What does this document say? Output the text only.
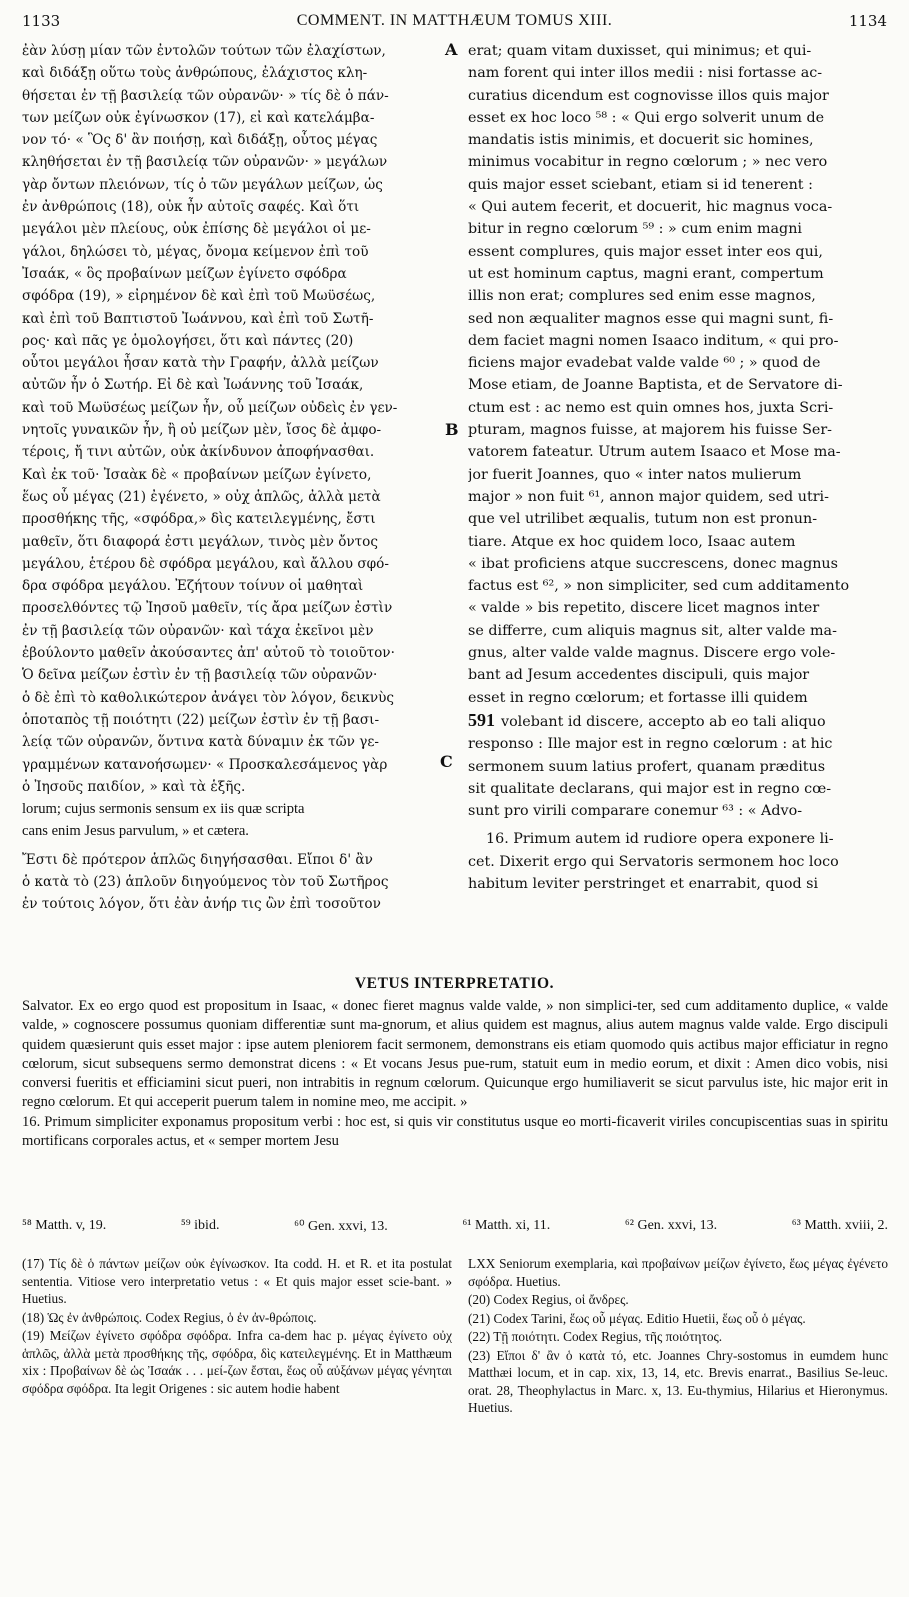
1133	COMMENT. IN MATTHÆUM TOMUS XIII.	1134
ἐὰν λύσῃ μίαν τῶν ἐντολῶν τούτων τῶν ἐλαχίστων,
καὶ διδάξῃ οὕτω τοὺς ἀνθρώπους, ἐλάχιστος κλη-
θήσεται ἐν τῇ βασιλείᾳ τῶν οὐρανῶν· » τίς δὲ ὁ πάν-
των μείζων οὐκ ἐγίνωσκον (17), εἰ καὶ κατελάμβα-
νον τό· « Ὃς δ' ἂν ποιήσῃ, καὶ διδάξῃ, οὗτος μέγας
κληθήσεται ἐν τῇ βασιλείᾳ τῶν οὐρανῶν· » μεγάλων
γὰρ ὄντων πλειόνων, τίς ὁ τῶν μεγάλων μείζων, ὡς
ἐν ἀνθρώποις (18), οὐκ ἦν αὐτοῖς σαφές. Καὶ ὅτι
μεγάλοι μὲν πλείους, οὐκ ἐπίσης δὲ μεγάλοι οἱ με-
γάλοι, δηλώσει τὸ, μέγας, ὄνομα κείμενον ἐπὶ τοῦ
Ἰσαάκ, « ὃς προβαίνων μείζων ἐγίνετο σφόδρα
σφόδρα (19), » εἰρημένον δὲ καὶ ἐπὶ τοῦ Μωϋσέως,
καὶ ἐπὶ τοῦ Βαπτιστοῦ Ἰωάννου, καὶ ἐπὶ τοῦ Σωτῆ-
ρος· καὶ πᾶς γε ὁμολογήσει, ὅτι καὶ πάντες (20)
οὗτοι μεγάλοι ἦσαν κατὰ τὴν Γραφήν, ἀλλὰ μείζων
αὐτῶν ἦν ὁ Σωτήρ. Εἰ δὲ καὶ Ἰωάννης τοῦ Ἰσαάκ,
καὶ τοῦ Μωϋσέως μείζων ἦν, οὗ μείζων οὐδεὶς ἐν γεν-
νητοῖς γυναικῶν ἦν, ἢ οὐ μείζων μὲν, ἴσος δὲ ἀμφο-
τέροις, ἤ τινι αὐτῶν, οὐκ ἀκίνδυνον ἀποφήνασθαι.
Καὶ ἐκ τοῦ· Ἰσαὰκ δὲ « προβαίνων μείζων ἐγίνετο,
ἕως οὗ μέγας (21) ἐγένετο, » οὐχ ἁπλῶς, ἀλλὰ μετὰ
προσθήκης τῆς, «σφόδρα,» δὶς κατειλεγμένης, ἔστι
μαθεῖν, ὅτι διαφορά ἐστι μεγάλων, τινὸς μὲν ὄντος
μεγάλου, ἑτέρου δὲ σφόδρα μεγάλου, καὶ ἄλλου σφό-
δρα σφόδρα μεγάλου. Ἐζήτουν τοίνυν οἱ μαθηταὶ
προσελθόντες τῷ Ἰησοῦ μαθεῖν, τίς ἄρα μείζων ἐστὶν
ἐν τῇ βασιλείᾳ τῶν οὐρανῶν· καὶ τάχα ἐκεῖνοι μὲν
ἐβούλοντο μαθεῖν ἀκούσαντες ἀπ' αὐτοῦ τὸ τοιοῦτον·
Ὁ δεῖνα μείζων ἐστὶν ἐν τῇ βασιλείᾳ τῶν οὐρανῶν·
ὁ δὲ ἐπὶ τὸ καθολικώτερον ἀνάγει τὸν λόγον, δεικνὺς
ὁποταπὸς τῇ ποιότητι (22) μείζων ἐστὶν ἐν τῇ βασι-
λείᾳ τῶν οὐρανῶν, ὅντινα κατὰ δύναμιν ἐκ τῶν γε-
γραμμένων κατανοήσωμεν· « Προσκαλεσάμενος γὰρ
ὁ Ἰησοῦς παιδίον, » καὶ τὰ ἑξῆς.
lorum; cujus sermonis sensum ex iis quæ scripta
cans enim Jesus parvulum, » et cætera.
Ἔστι δὲ πρότερον ἁπλῶς διηγήσασθαι. Εἴποι δ' ἂν
ὁ κατὰ τὸ (23) ἁπλοῦν διηγούμενος τὸν τοῦ Σωτῆρος
ἐν τούτοις λόγον, ὅτι ἐὰν ἀνήρ τις ὢν ἐπὶ τοσοῦτον
A
B
C
erat; quam vitam duxisset, qui minimus; et qui-
nam forent qui inter illos medii : nisi fortasse ac-
curatius dicendum est cognovisse illos quis major
esset ex hoc loco ⁵⁸ : « Qui ergo solverit unum de
mandatis istis minimis, et docuerit sic homines,
minimus vocabitur in regno cœlorum ; » nec vero
quis major esset sciebant, etiam si id tenerent :
« Qui autem fecerit, et docuerit, hic magnus voca-
bitur in regno cœlorum ⁵⁹ : » cum enim magni
essent complures, quis major esset inter eos qui,
ut est hominum captus, magni erant, compertum
illis non erat; complures sed enim esse magnos,
sed non æqualiter magnos esse qui magni sunt, fi-
dem faciet magni nomen Isaaco inditum, « qui pro-
ficiens major evadebat valde valde ⁶⁰ ; » quod de
Mose etiam, de Joanne Baptista, et de Servatore di-
ctum est : ac nemo est quin omnes hos, juxta Scri-
pturam, magnos fuisse, at majorem his fuisse Ser-
vatorem fateatur. Utrum autem Isaaco et Mose ma-
jor fuerit Joannes, quo « inter natos mulierum
major » non fuit ⁶¹, annon major quidem, sed utri-
que vel utrilibet æqualis, tutum non est pronun-
tiare. Atque ex hoc quidem loco, Isaac autem
« ibat proficiens atque succrescens, donec magnus
factus est ⁶², » non simpliciter, sed cum additamento
« valde » bis repetito, discere licet magnos inter
se differre, cum aliquis magnus sit, alter valde ma-
gnus, alter valde valde magnus. Discere ergo vole-
bant ad Jesum accedentes discipuli, quis major
esset in regno cœlorum; et fortasse illi quidem
591 volebant id discere, accepto ab eo tali aliquo
responso : Ille major est in regno cœlorum : at hic
sermonem suum latius profert, quanam præditus
sit qualitate declarans, qui major est in regno cœ-
sunt pro virili comparare conemur ⁶³ : « Advo-
16. Primum autem id rudiore opera exponere li-
cet. Dixerit ergo qui Servatoris sermonem hoc loco
habitum leviter perstringet et enarrabit, quod si
VETUS INTERPRETATIO.

Salvator. Ex eo ergo quod est propositum in Isaac, « donec fieret magnus valde valde, » non simplici-ter, sed cum additamento duplice, « valde valde, » cognoscere possumus quoniam differentiæ sunt ma-gnorum, et alius quidem est magnus, alius autem magnus valde valde. Ergo discipuli quidem quæsierunt quis esset major : ipse autem pleniorem facit sermonem, demonstrans eis etiam quomodo quis actibus major efficiatur in regno cœlorum, sicut subsequens sermo demonstrat dicens : « Et vocans Jesus pue-rum, statuit eum in medio eorum, et dixit : Amen dico vobis, nisi conversi fueritis et efficiamini sicut pueri, non intrabitis in regnum cœlorum. Quicunque ergo humiliaverit se sicut parvulus iste, hic major erit in regno cœlorum. Et qui acceperit puerum talem in nomine meo, me accipit. »

16. Primum simpliciter exponamus propositum verbi : hoc est, si quis vir constitutus usque eo morti-ficaverit viriles concupiscentias suas in spiritu mortificans corporales actus, et « semper mortem Jesu

⁵⁸ Matth. v, 19.	⁵⁹ ibid.	⁶⁰ Gen. xxvi, 13.	⁶¹ Matth. xi, 11.	⁶² Gen. xxvi, 13.	⁶³ Matth. xviii, 2.

(17) Τίς δὲ ὁ πάντων μείζων οὐκ ἐγίνωσκον. Ita codd. H. et R. et ita postulat sententia. Vitiose vero interpretatio vetus : « Et quis major esset scie-bant. » Huetius.

(18) Ὡς ἐν ἀνθρώποις. Codex Regius, ὁ ἐν ἀν-θρώποις.

(19) Μείζων ἐγίνετο σφόδρα σφόδρα. Infra ca-dem hac p. μέγας ἐγίνετο οὐχ ἁπλῶς, ἀλλὰ μετὰ προσθήκης τῆς, σφόδρα, δὶς κατειλεγμένης. Et in Matthæum xix : Προβαίνων δὲ ὡς Ἰσαάκ . . . μεί-ζων ἔσται, ἕως οὗ αὐξάνων μέγας γένηται σφόδρα σφόδρα. Ita legit Origenes : sic autem hodie habent

LXX Seniorum exemplaria, καὶ προβαίνων μείζων ἐγίνετο, ἕως μέγας ἐγένετο σφόδρα. Huetius.

(20) Codex Regius, οἱ ἄνδρες.

(21) Codex Tarini, ἕως οὗ μέγας. Editio Huetii, ἕως οὗ ὁ μέγας.

(22) Τῇ ποιότητι. Codex Regius, τῆς ποιότητος.

(23) Εἴποι δ' ἂν ὁ κατὰ τό, etc. Joannes Chry-sostomus in eumdem hunc Matthæi locum, et in cap. xix, 13, 14, etc. Brevis enarrat., Basilius Se-leuc. orat. 28, Theophylactus in Marc. x, 13. Eu-thymius, Hilarius et Hieronymus. Huetius.
